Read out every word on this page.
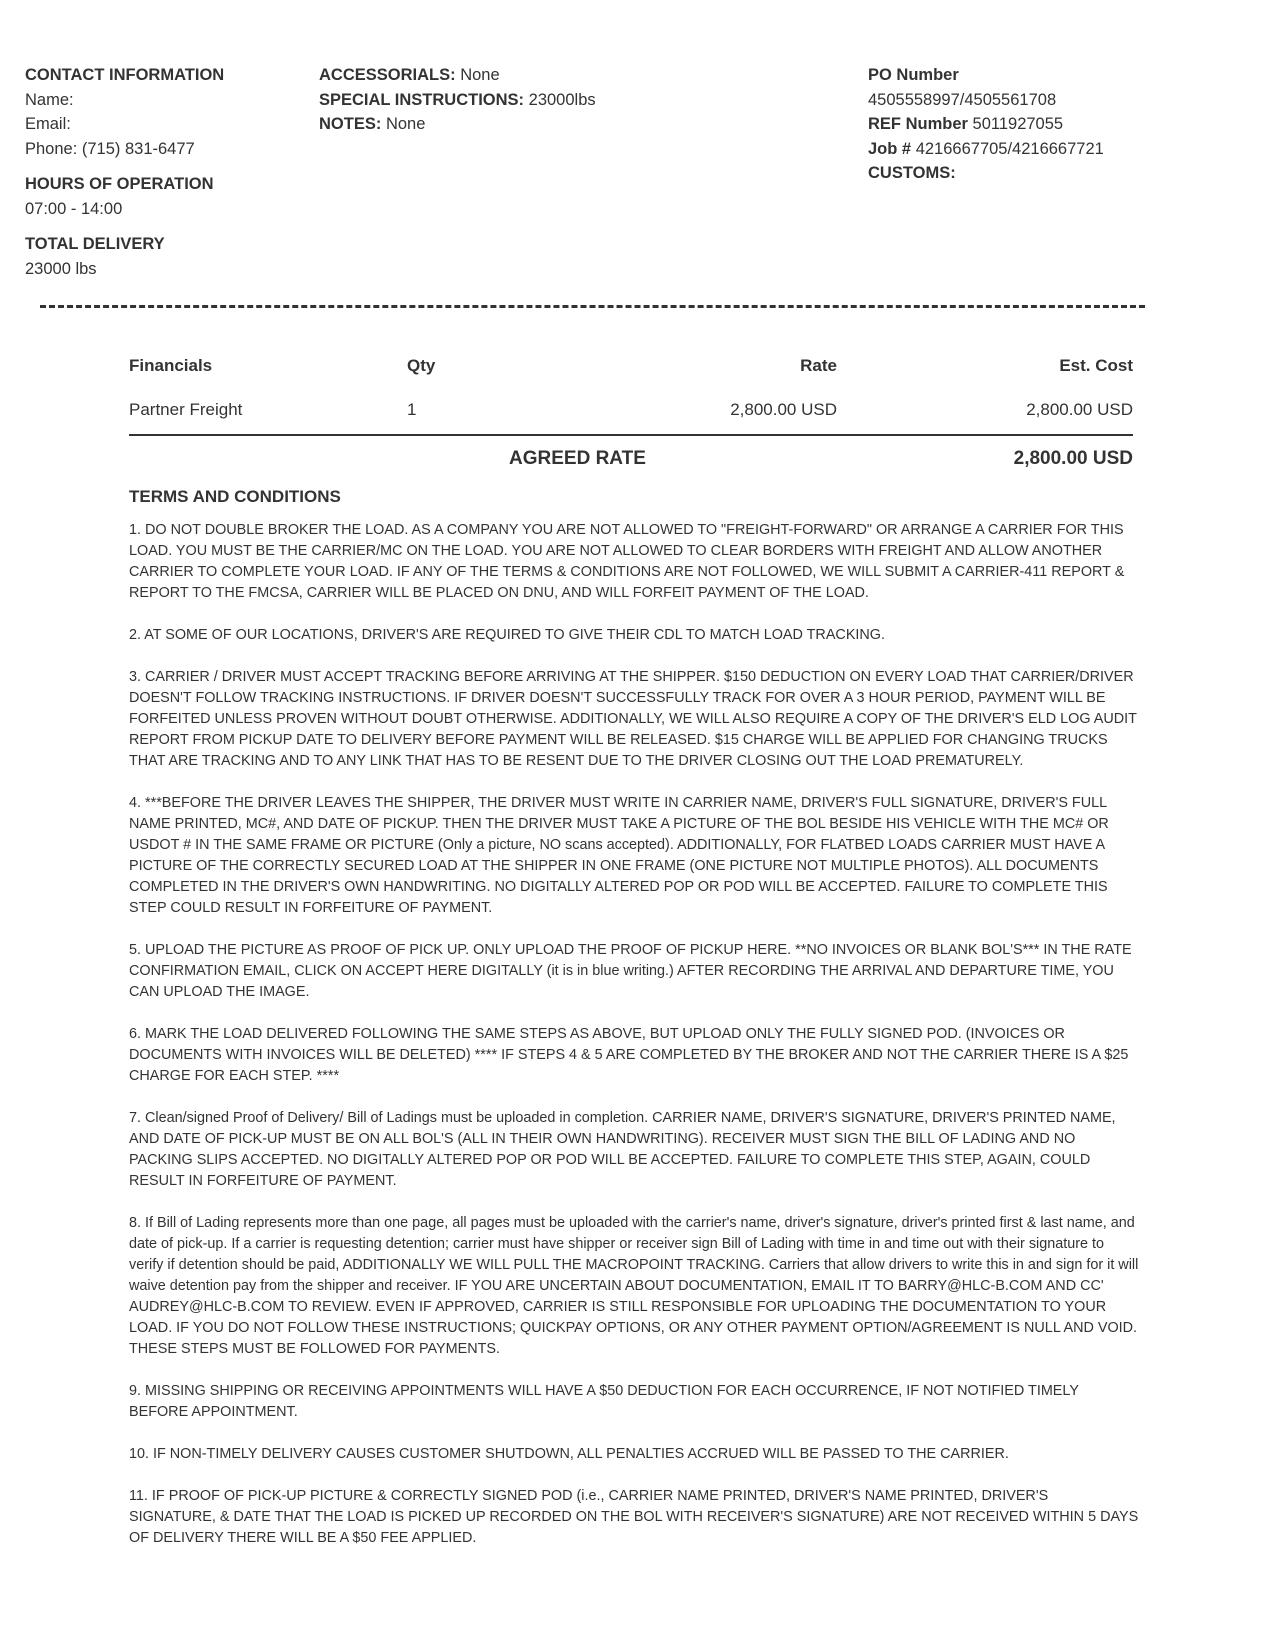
CONTACT INFORMATION
Name:
Email:
Phone: (715) 831-6477
HOURS OF OPERATION
07:00 - 14:00
TOTAL DELIVERY
23000 lbs
ACCESSORIALS: None
SPECIAL INSTRUCTIONS: 23000lbs
NOTES: None
PO Number
4505558997/4505561708
REF Number 5011927055
Job # 4216667705/4216667721
CUSTOMS:
Financials	Qty	Rate	Est. Cost
Partner Freight	1	2,800.00 USD	2,800.00 USD
AGREED RATE	2,800.00 USD
TERMS AND CONDITIONS

1. DO NOT DOUBLE BROKER THE LOAD. AS A COMPANY YOU ARE NOT ALLOWED TO "FREIGHT-FORWARD" OR ARRANGE A CARRIER FOR THIS LOAD. YOU MUST BE THE CARRIER/MC ON THE LOAD. YOU ARE NOT ALLOWED TO CLEAR BORDERS WITH FREIGHT AND ALLOW ANOTHER CARRIER TO COMPLETE YOUR LOAD. IF ANY OF THE TERMS & CONDITIONS ARE NOT FOLLOWED, WE WILL SUBMIT A CARRIER-411 REPORT & REPORT TO THE FMCSA, CARRIER WILL BE PLACED ON DNU, AND WILL FORFEIT PAYMENT OF THE LOAD.

2. AT SOME OF OUR LOCATIONS, DRIVER'S ARE REQUIRED TO GIVE THEIR CDL TO MATCH LOAD TRACKING.

3. CARRIER / DRIVER MUST ACCEPT TRACKING BEFORE ARRIVING AT THE SHIPPER. $150 DEDUCTION ON EVERY LOAD THAT CARRIER/DRIVER DOESN'T FOLLOW TRACKING INSTRUCTIONS. IF DRIVER DOESN'T SUCCESSFULLY TRACK FOR OVER A 3 HOUR PERIOD, PAYMENT WILL BE FORFEITED UNLESS PROVEN WITHOUT DOUBT OTHERWISE. ADDITIONALLY, WE WILL ALSO REQUIRE A COPY OF THE DRIVER'S ELD LOG AUDIT REPORT FROM PICKUP DATE TO DELIVERY BEFORE PAYMENT WILL BE RELEASED. $15 CHARGE WILL BE APPLIED FOR CHANGING TRUCKS THAT ARE TRACKING AND TO ANY LINK THAT HAS TO BE RESENT DUE TO THE DRIVER CLOSING OUT THE LOAD PREMATURELY.

4. ***BEFORE THE DRIVER LEAVES THE SHIPPER, THE DRIVER MUST WRITE IN CARRIER NAME, DRIVER'S FULL SIGNATURE, DRIVER'S FULL NAME PRINTED, MC#, AND DATE OF PICKUP. THEN THE DRIVER MUST TAKE A PICTURE OF THE BOL BESIDE HIS VEHICLE WITH THE MC# OR USDOT # IN THE SAME FRAME OR PICTURE (Only a picture, NO scans accepted). ADDITIONALLY, FOR FLATBED LOADS CARRIER MUST HAVE A PICTURE OF THE CORRECTLY SECURED LOAD AT THE SHIPPER IN ONE FRAME (ONE PICTURE NOT MULTIPLE PHOTOS). ALL DOCUMENTS COMPLETED IN THE DRIVER'S OWN HANDWRITING. NO DIGITALLY ALTERED POP OR POD WILL BE ACCEPTED. FAILURE TO COMPLETE THIS STEP COULD RESULT IN FORFEITURE OF PAYMENT.

5. UPLOAD THE PICTURE AS PROOF OF PICK UP. ONLY UPLOAD THE PROOF OF PICKUP HERE. **NO INVOICES OR BLANK BOL'S*** IN THE RATE CONFIRMATION EMAIL, CLICK ON ACCEPT HERE DIGITALLY (it is in blue writing.) AFTER RECORDING THE ARRIVAL AND DEPARTURE TIME, YOU CAN UPLOAD THE IMAGE.

6. MARK THE LOAD DELIVERED FOLLOWING THE SAME STEPS AS ABOVE, BUT UPLOAD ONLY THE FULLY SIGNED POD. (INVOICES OR DOCUMENTS WITH INVOICES WILL BE DELETED) **** IF STEPS 4 & 5 ARE COMPLETED BY THE BROKER AND NOT THE CARRIER THERE IS A $25 CHARGE FOR EACH STEP. ****

7. Clean/signed Proof of Delivery/ Bill of Ladings must be uploaded in completion. CARRIER NAME, DRIVER'S SIGNATURE, DRIVER'S PRINTED NAME, AND DATE OF PICK-UP MUST BE ON ALL BOL'S (ALL IN THEIR OWN HANDWRITING). RECEIVER MUST SIGN THE BILL OF LADING AND NO PACKING SLIPS ACCEPTED. NO DIGITALLY ALTERED POP OR POD WILL BE ACCEPTED. FAILURE TO COMPLETE THIS STEP, AGAIN, COULD RESULT IN FORFEITURE OF PAYMENT.

8. If Bill of Lading represents more than one page, all pages must be uploaded with the carrier's name, driver's signature, driver's printed first & last name, and date of pick-up. If a carrier is requesting detention; carrier must have shipper or receiver sign Bill of Lading with time in and time out with their signature to verify if detention should be paid, ADDITIONALLY WE WILL PULL THE MACROPOINT TRACKING. Carriers that allow drivers to write this in and sign for it will waive detention pay from the shipper and receiver. IF YOU ARE UNCERTAIN ABOUT DOCUMENTATION, EMAIL IT TO BARRY@HLC-B.COM AND CC' AUDREY@HLC-B.COM TO REVIEW. EVEN IF APPROVED, CARRIER IS STILL RESPONSIBLE FOR UPLOADING THE DOCUMENTATION TO YOUR LOAD. IF YOU DO NOT FOLLOW THESE INSTRUCTIONS; QUICKPAY OPTIONS, OR ANY OTHER PAYMENT OPTION/AGREEMENT IS NULL AND VOID. THESE STEPS MUST BE FOLLOWED FOR PAYMENTS.

9. MISSING SHIPPING OR RECEIVING APPOINTMENTS WILL HAVE A $50 DEDUCTION FOR EACH OCCURRENCE, IF NOT NOTIFIED TIMELY BEFORE APPOINTMENT.

10. IF NON-TIMELY DELIVERY CAUSES CUSTOMER SHUTDOWN, ALL PENALTIES ACCRUED WILL BE PASSED TO THE CARRIER.

11. IF PROOF OF PICK-UP PICTURE & CORRECTLY SIGNED POD (i.e., CARRIER NAME PRINTED, DRIVER'S NAME PRINTED, DRIVER'S SIGNATURE, & DATE THAT THE LOAD IS PICKED UP RECORDED ON THE BOL WITH RECEIVER'S SIGNATURE) ARE NOT RECEIVED WITHIN 5 DAYS OF DELIVERY THERE WILL BE A $50 FEE APPLIED.
